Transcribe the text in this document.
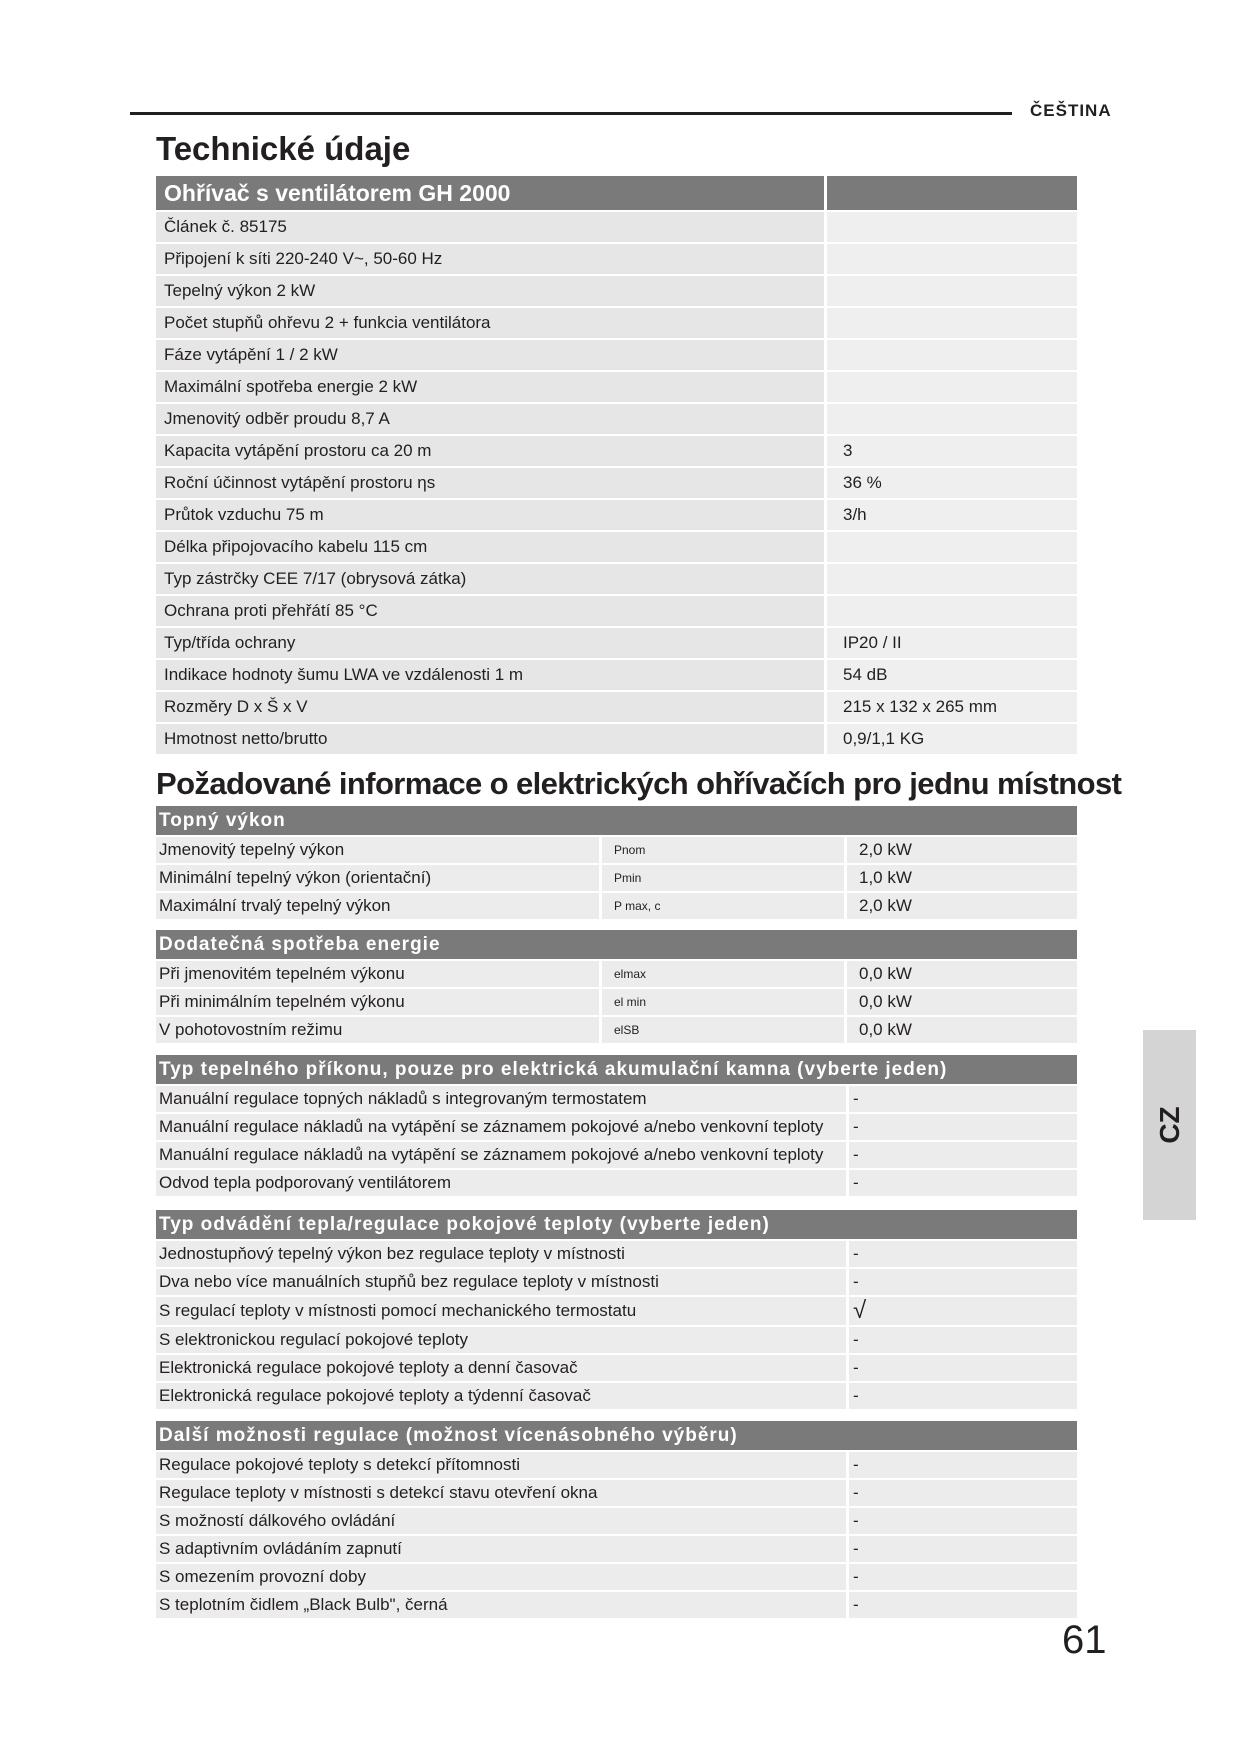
ČEŠTINA
Technické údaje
Ohřívač s ventilátorem GH 2000	
Článek č. 85175	
Připojení k síti 220-240 V~, 50-60 Hz	
Tepelný výkon 2 kW	
Počet stupňů ohřevu 2 + funkcia ventilátora	
Fáze vytápění 1 / 2 kW	
Maximální spotřeba energie 2 kW	
Jmenovitý odběr proudu 8,7 A	
Kapacita vytápění prostoru ca 20 m	3
Roční účinnost vytápění prostoru ηs	36 %
Průtok vzduchu 75 m	3/h
Délka připojovacího kabelu 115 cm	
Typ zástrčky CEE 7/17 (obrysová zátka)	
Ochrana proti přehřátí 85 °C	
Typ/třída ochrany	IP20 / II
Indikace hodnoty šumu LWA ve vzdálenosti 1 m	54 dB
Rozměry D x Š x V	215 x 132 x 265 mm
Hmotnost netto/brutto	0,9/1,1 KG
Požadované informace o elektrických ohřívačích pro jednu místnost
Topný výkon		
Jmenovitý tepelný výkon	Pnom	2,0 kW
Minimální tepelný výkon (orientační)	Pmin	1,0 kW
Maximální trvalý tepelný výkon	P max, c	2,0 kW
Dodatečná spotřeba energie		
Při jmenovitém tepelném výkonu	elmax	0,0 kW
Při minimálním tepelném výkonu	el min	0,0 kW
V pohotovostním režimu	elSB	0,0 kW
Typ tepelného příkonu, pouze pro elektrická akumulační kamna (vyberte jeden)	
Manuální regulace topných nákladů s integrovaným termostatem	-
Manuální regulace nákladů na vytápění se záznamem pokojové a/nebo venkovní teploty	-
Manuální regulace nákladů na vytápění se záznamem pokojové a/nebo venkovní teploty	-
Odvod tepla podporovaný ventilátorem	-
Typ odvádění tepla/regulace pokojové teploty (vyberte jeden)	
Jednostupňový tepelný výkon bez regulace teploty v místnosti	-
Dva nebo více manuálních stupňů bez regulace teploty v místnosti	-
S regulací teploty v místnosti pomocí mechanického termostatu	√
S elektronickou regulací pokojové teploty	-
Elektronická regulace pokojové teploty a denní časovač	-
Elektronická regulace pokojové teploty a týdenní časovač	-
Další možnosti regulace (možnost vícenásobného výběru)	
Regulace pokojové teploty s detekcí přítomnosti	-
Regulace teploty v místnosti s detekcí stavu otevření okna	-
S možností dálkového ovládání	-
S adaptivním ovládáním zapnutí	-
S omezením provozní doby	-
S teplotním čidlem „Black Bulb", černá	-
CZ
61
